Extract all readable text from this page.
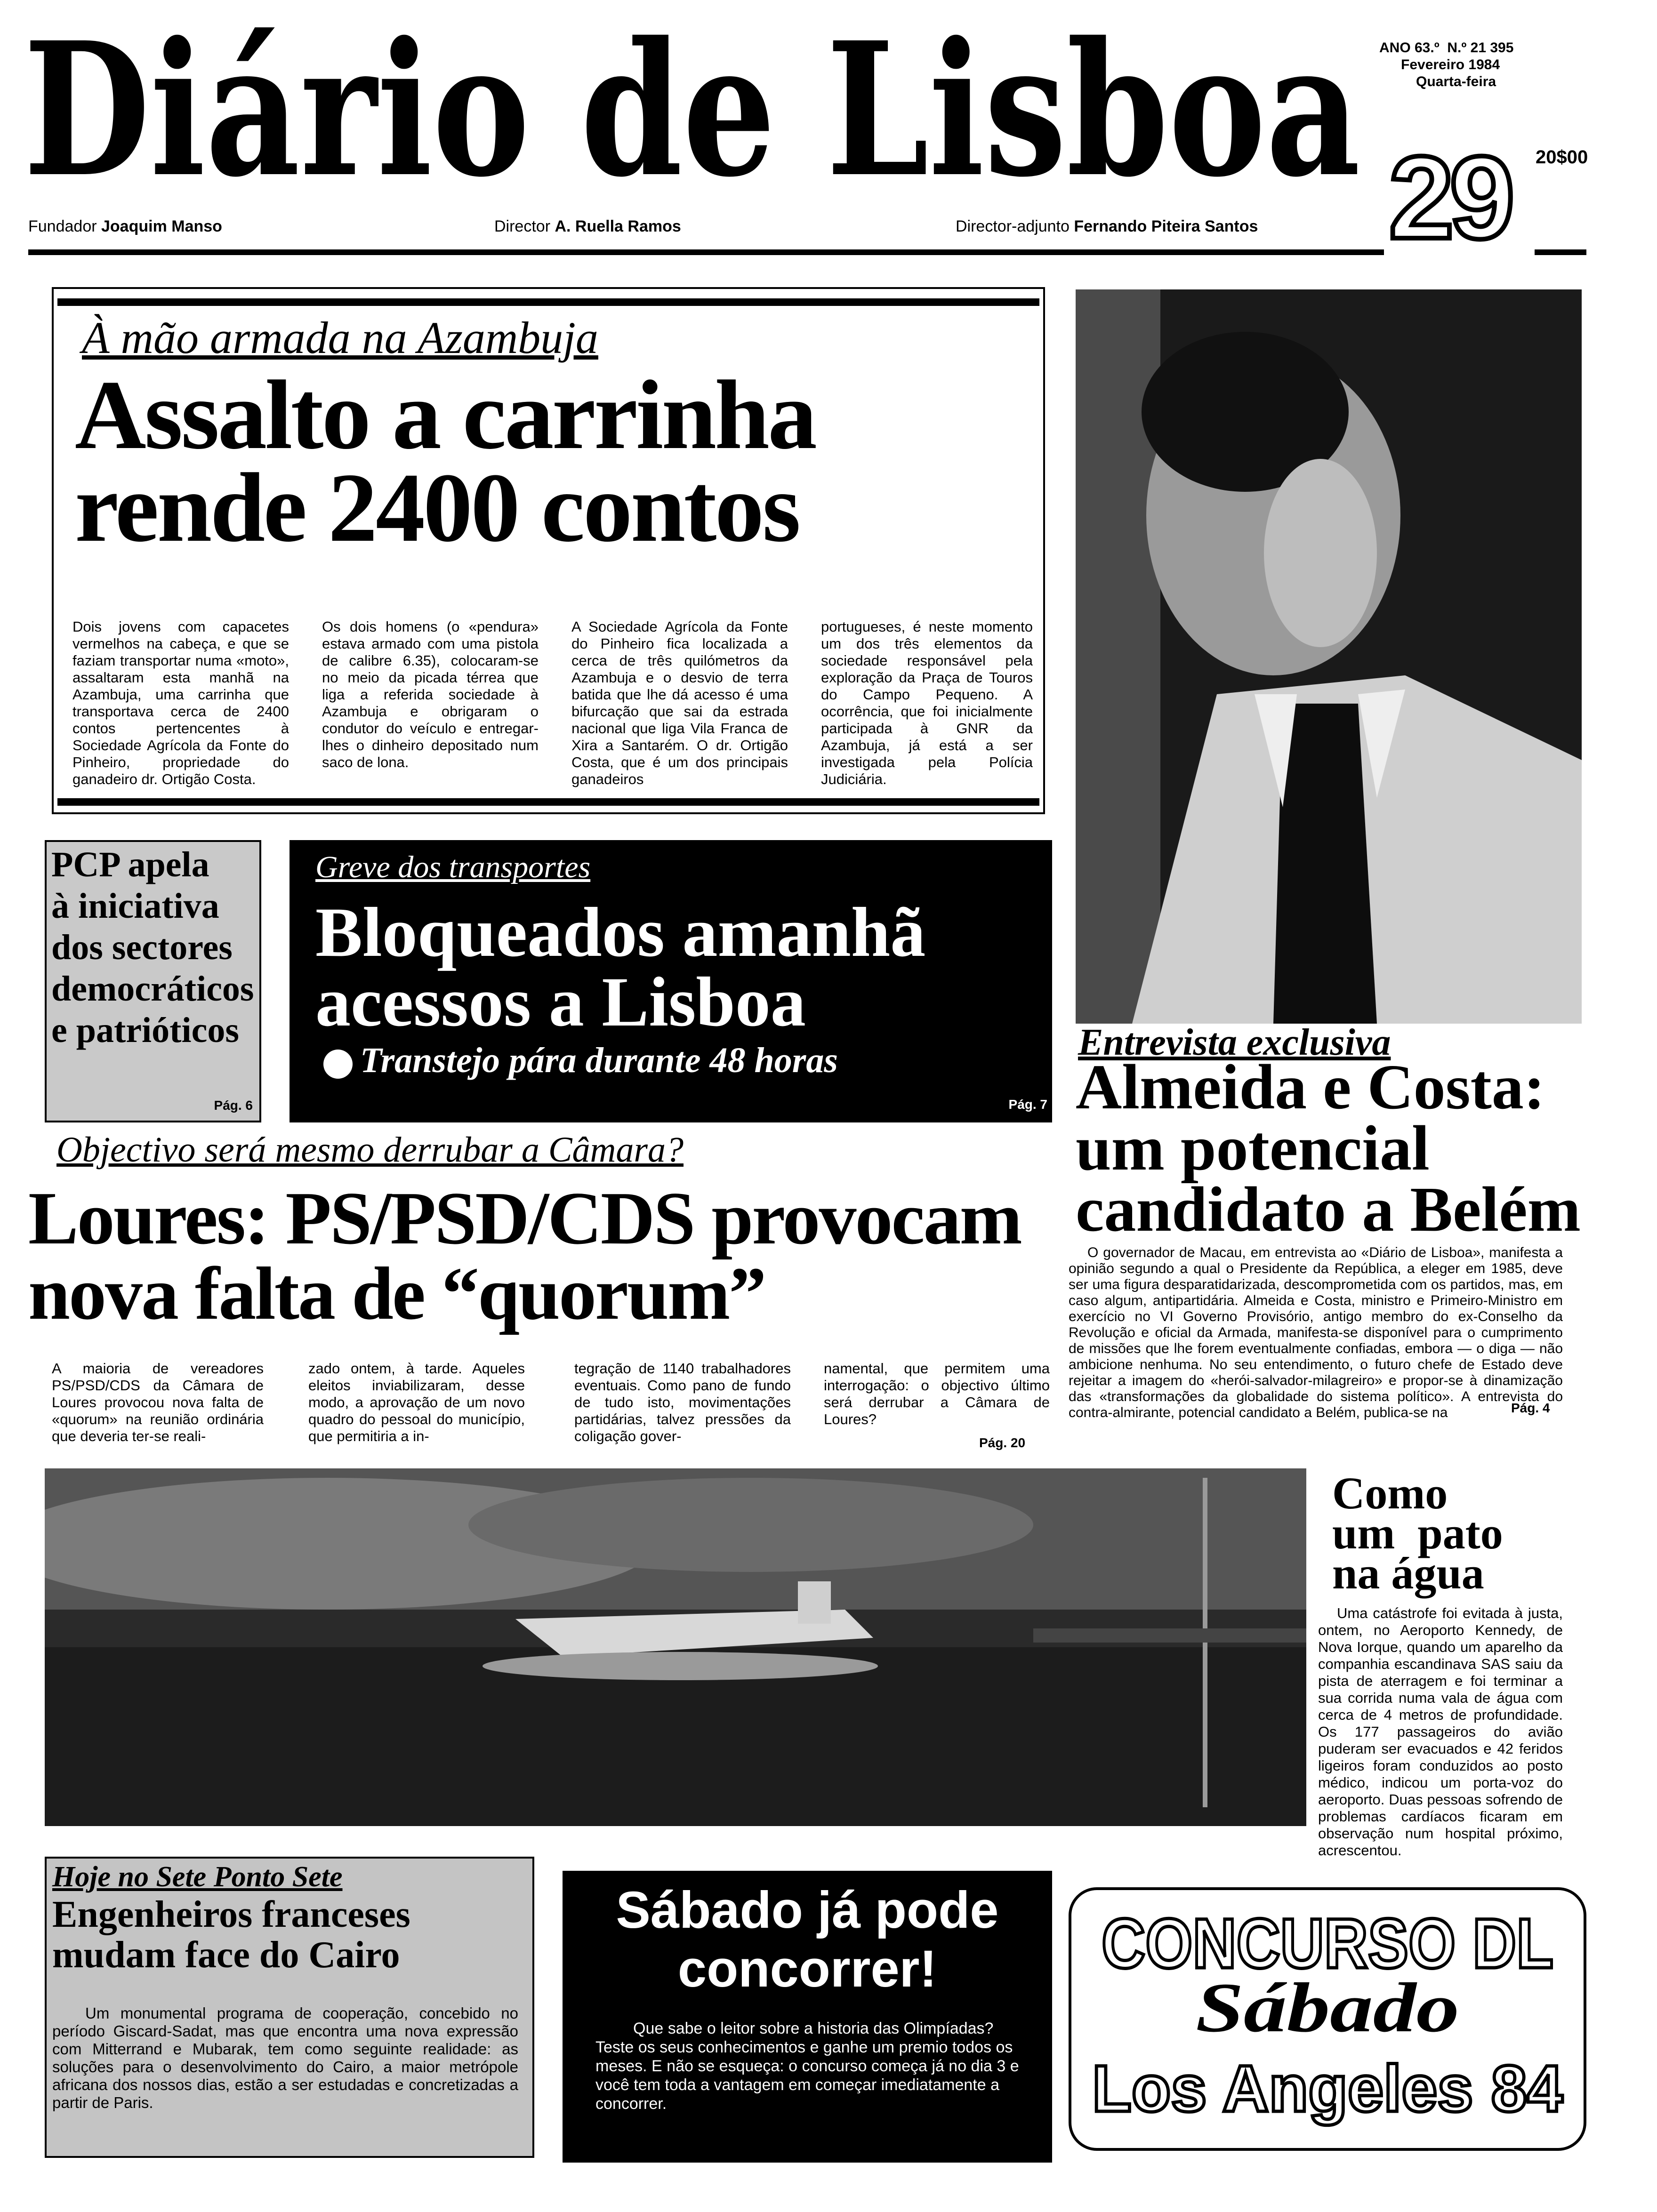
Diário de Lisboa ANO 63.º N.º 21 395
Fevereiro 1984
Quarta-feira
29 20$00
Fundador Joaquim Manso	Director A. Ruella Ramos	Director-adjunto Fernando Piteira Santos
À mão armada na Azambuja
Assalto a carrinha
rende 2400 contos
Dois jovens com capacetes vermelhos na cabeça, e que se faziam transportar numa «moto», assaltaram esta manhã na Azambuja, uma carrinha que transportava cerca de 2400 contos pertencentes à Sociedade Agrícola da Fonte do Pinheiro, propriedade do ganadeiro dr. Ortigão Costa.
Os dois homens (o «pendura» estava armado com uma pistola de calibre 6.35), colocaram-se no meio da picada térrea que liga a referida sociedade à Azambuja e obrigaram o condutor do veículo e entregar-lhes o dinheiro depositado num saco de lona.
A Sociedade Agrícola da Fonte do Pinheiro fica localizada a cerca de três quilómetros da Azambuja e o desvio de terra batida que lhe dá acesso é uma bifurcação que sai da estrada nacional que liga Vila Franca de Xira a Santarém. O dr. Ortigão Costa, que é um dos principais ganadeiros
portugueses, é neste momento um dos três elementos da sociedade responsável pela exploração da Praça de Touros do Campo Pequeno. A ocorrência, que foi inicialmente participada à GNR da Azambuja, já está a ser investigada pela Polícia Judiciária.
PCP apela
à iniciativa
dos sectores
democráticos
e patrióticos
Pág. 6
Greve dos transportes
Bloqueados amanhã
acessos a Lisboa
Transtejo pára durante 48 horas
Pág. 7
Entrevista exclusiva
Almeida e Costa:
um potencial
candidato a Belém
O governador de Macau, em entrevista ao «Diário de Lisboa», manifesta a opinião segundo a qual o Presidente da República, a eleger em 1985, deve ser uma figura desparatidarizada, descomprometida com os partidos, mas, em caso algum, antipartidária. Almeida e Costa, ministro e Primeiro-Ministro em exercício no VI Governo Provisório, antigo membro do ex-Conselho da Revolução e oficial da Armada, manifesta-se disponível para o cumprimento de missões que lhe forem eventualmente confiadas, embora — o diga — não ambicione nenhuma. No seu entendimento, o futuro chefe de Estado deve rejeitar a imagem do «herói-salvador-milagreiro» e propor-se à dinamização das «transformações da globalidade do sistema político». A entrevista do contra-almirante, potencial candidato a Belém, publica-se na	Pág. 4
Objectivo será mesmo derrubar a Câmara?
Loures: PS/PSD/CDS provocam
nova falta de “quorum”
A maioria de vereadores PS/PSD/CDS da Câmara de Loures provocou nova falta de «quorum» na reunião ordinária que deveria ter-se reali-
zado ontem, à tarde. Aqueles eleitos inviabilizaram, desse modo, a aprovação de um novo quadro do pessoal do município, que permitiria a in-
tegração de 1140 trabalhadores eventuais. Como pano de fundo de tudo isto, movimentações partidárias, talvez pressões da coligação gover-
namental, que permitem uma interrogação: o objectivo último será derrubar a Câmara de Loures?
Pág. 20
Como
um  pato
na água
Uma catástrofe foi evitada à justa, ontem, no Aeroporto Kennedy, de Nova Iorque, quando um aparelho da companhia escandinava SAS saiu da pista de aterragem e foi terminar a sua corrida numa vala de água com cerca de 4 metros de profundidade. Os 177 passageiros do avião puderam ser evacuados e 42 feridos ligeiros foram conduzidos ao posto médico, indicou um porta-voz do aeroporto. Duas pessoas sofrendo de problemas cardíacos ficaram em observação num hospital próximo, acrescentou.
Hoje no Sete Ponto Sete
Engenheiros franceses
mudam face do Cairo
Um monumental programa de cooperação, concebido no período Giscard-Sadat, mas que encontra uma nova expressão com Mitterrand e Mubarak, tem como seguinte realidade: as soluções para o desenvolvimento do Cairo, a maior metrópole africana dos nossos dias, estão a ser estudadas e concretizadas a partir de Paris.
Sábado já pode
concorrer!
Que sabe o leitor sobre a historia das Olimpíadas? Teste os seus conhecimentos e ganhe um premio todos os meses. E não se esqueça: o concurso começa já no dia 3 e você tem toda a vantagem em começar imediatamente a concorrer.
CONCURSO DL
Sábado
Los Angeles 84
